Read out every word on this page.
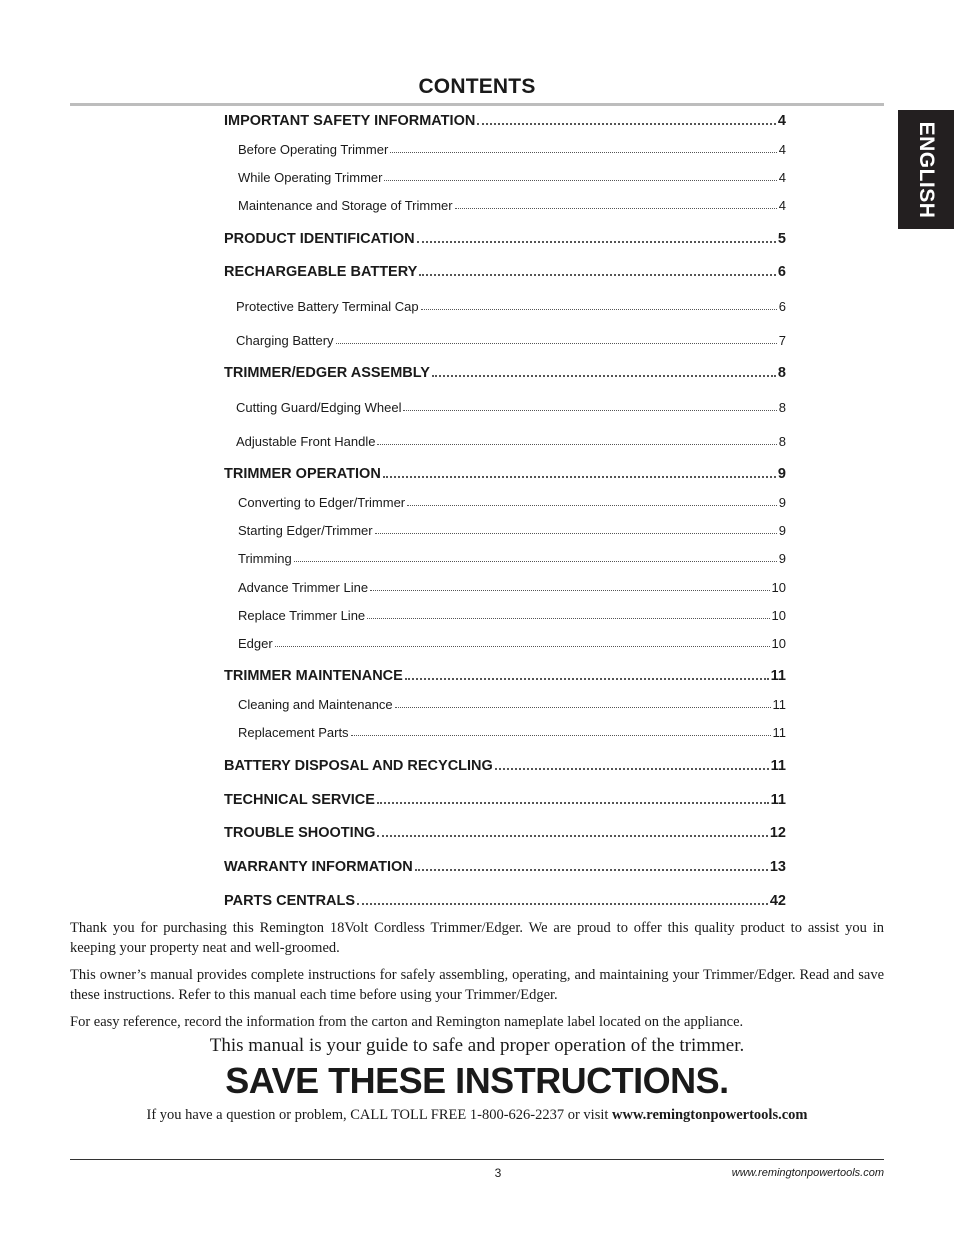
CONTENTS
ENGLISH
IMPORTANT SAFETY INFORMATION	4
Before Operating Trimmer	4
While Operating Trimmer	4
Maintenance and Storage of Trimmer	4
PRODUCT IDENTIFICATION	5
RECHARGEABLE BATTERY	6
Protective Battery Terminal Cap	6
Charging Battery	7
TRIMMER/EDGER ASSEMBLY	8
Cutting Guard/Edging Wheel	8
Adjustable Front Handle	8
TRIMMER OPERATION	9
Converting to Edger/Trimmer	9
Starting Edger/Trimmer	9
Trimming	9
Advance Trimmer Line	10
Replace Trimmer Line	10
Edger	10
TRIMMER MAINTENANCE	11
Cleaning and Maintenance	11
Replacement Parts	11
BATTERY DISPOSAL AND RECYCLING	11
TECHNICAL SERVICE	11
TROUBLE SHOOTING	12
WARRANTY INFORMATION	13
PARTS CENTRALS	42

Thank you for purchasing this Remington 18Volt Cordless Trimmer/Edger. We are proud to offer this quality product to assist you in keeping your property neat and well-groomed.

This owner’s manual provides complete instructions for safely assembling, operating, and maintaining your Trimmer/Edger. Read and save these instructions. Refer to this manual each time before using your Trimmer/Edger.

For easy reference, record the information from the carton and Remington nameplate label located on the appliance.

This manual is your guide to safe and proper operation of the trimmer.
SAVE THESE INSTRUCTIONS.
If you have a question or problem, CALL TOLL FREE 1-800-626-2237 or visit www.remingtonpowertools.com
3	www.remingtonpowertools.com
